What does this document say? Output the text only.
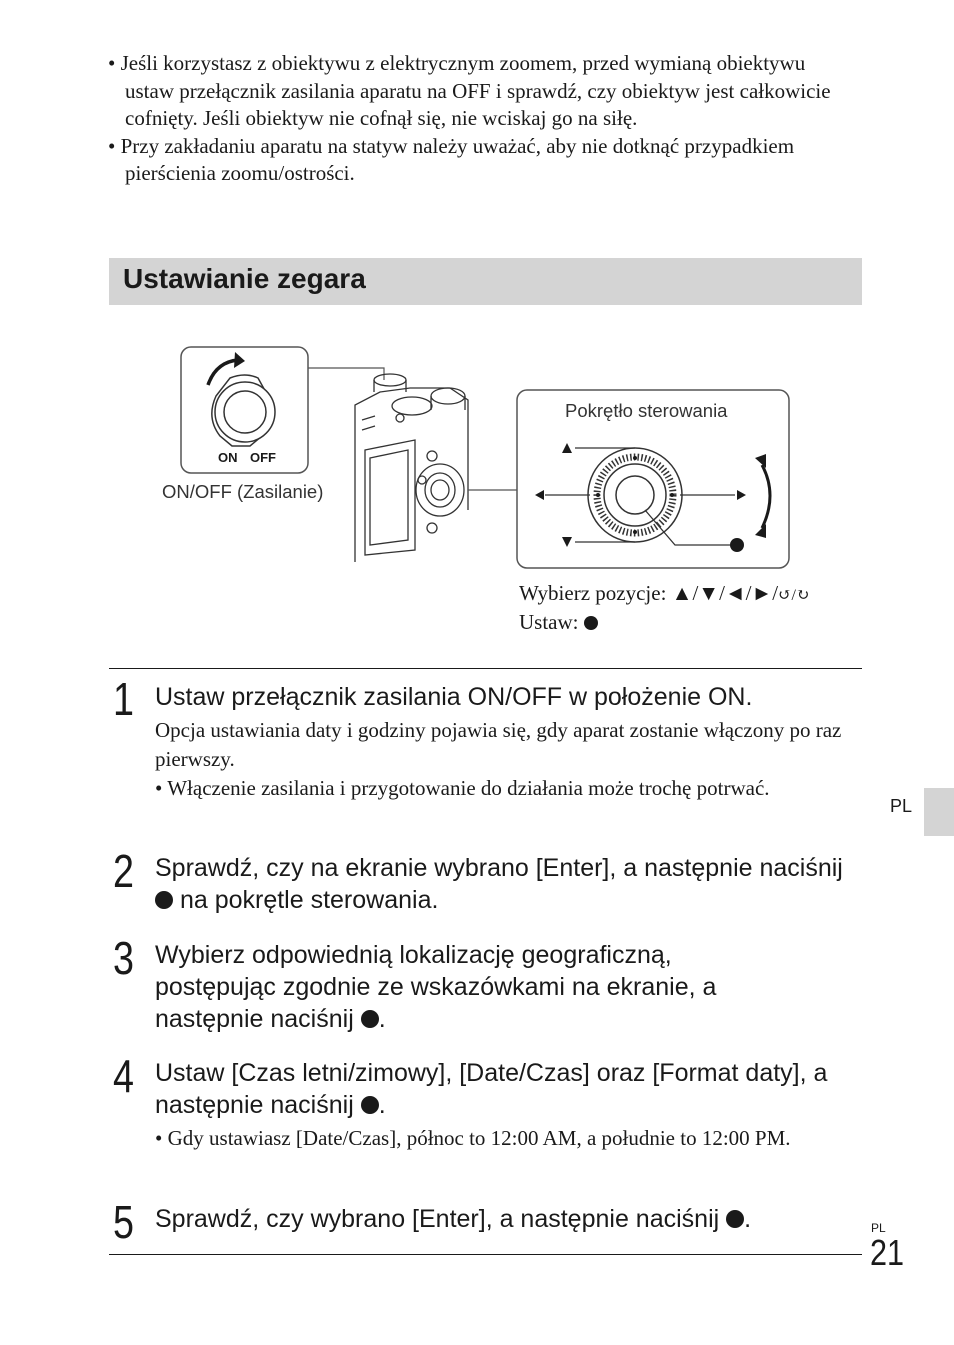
• Jeśli korzystasz z obiektywu z elektrycznym zoomem, przed wymianą obiektywu ustaw przełącznik zasilania aparatu na OFF i sprawdź, czy obiektyw jest całkowicie cofnięty. Jeśli obiektyw nie cofnął się, nie wciskaj go na siłę.
• Przy zakładaniu aparatu na statyw należy uważać, aby nie dotknąć przypadkiem pierścienia zoomu/ostrości.
Ustawianie zegara
ON OFF
ON/OFF (Zasilanie)
Pokrętło sterowania
Wybierz pozycje: ▲/▼/◄/►/↺/↻
Ustaw:
1 Ustaw przełącznik zasilania ON/OFF w położenie ON.
Opcja ustawiania daty i godziny pojawia się, gdy aparat zostanie włączony po raz pierwszy.
• Włączenie zasilania i przygotowanie do działania może trochę potrwać.
2 Sprawdź, czy na ekranie wybrano [Enter], a następnie naciśnij  na pokrętle sterowania.
3 Wybierz odpowiednią lokalizację geograficzną, postępując zgodnie ze wskazówkami na ekranie, a następnie naciśnij .
4 Ustaw [Czas letni/zimowy], [Date/Czas] oraz [Format daty], a następnie naciśnij .
• Gdy ustawiasz [Date/Czas], północ to 12:00 AM, a południe to 12:00 PM.
5 Sprawdź, czy wybrano [Enter], a następnie naciśnij .
PL
PL
21
